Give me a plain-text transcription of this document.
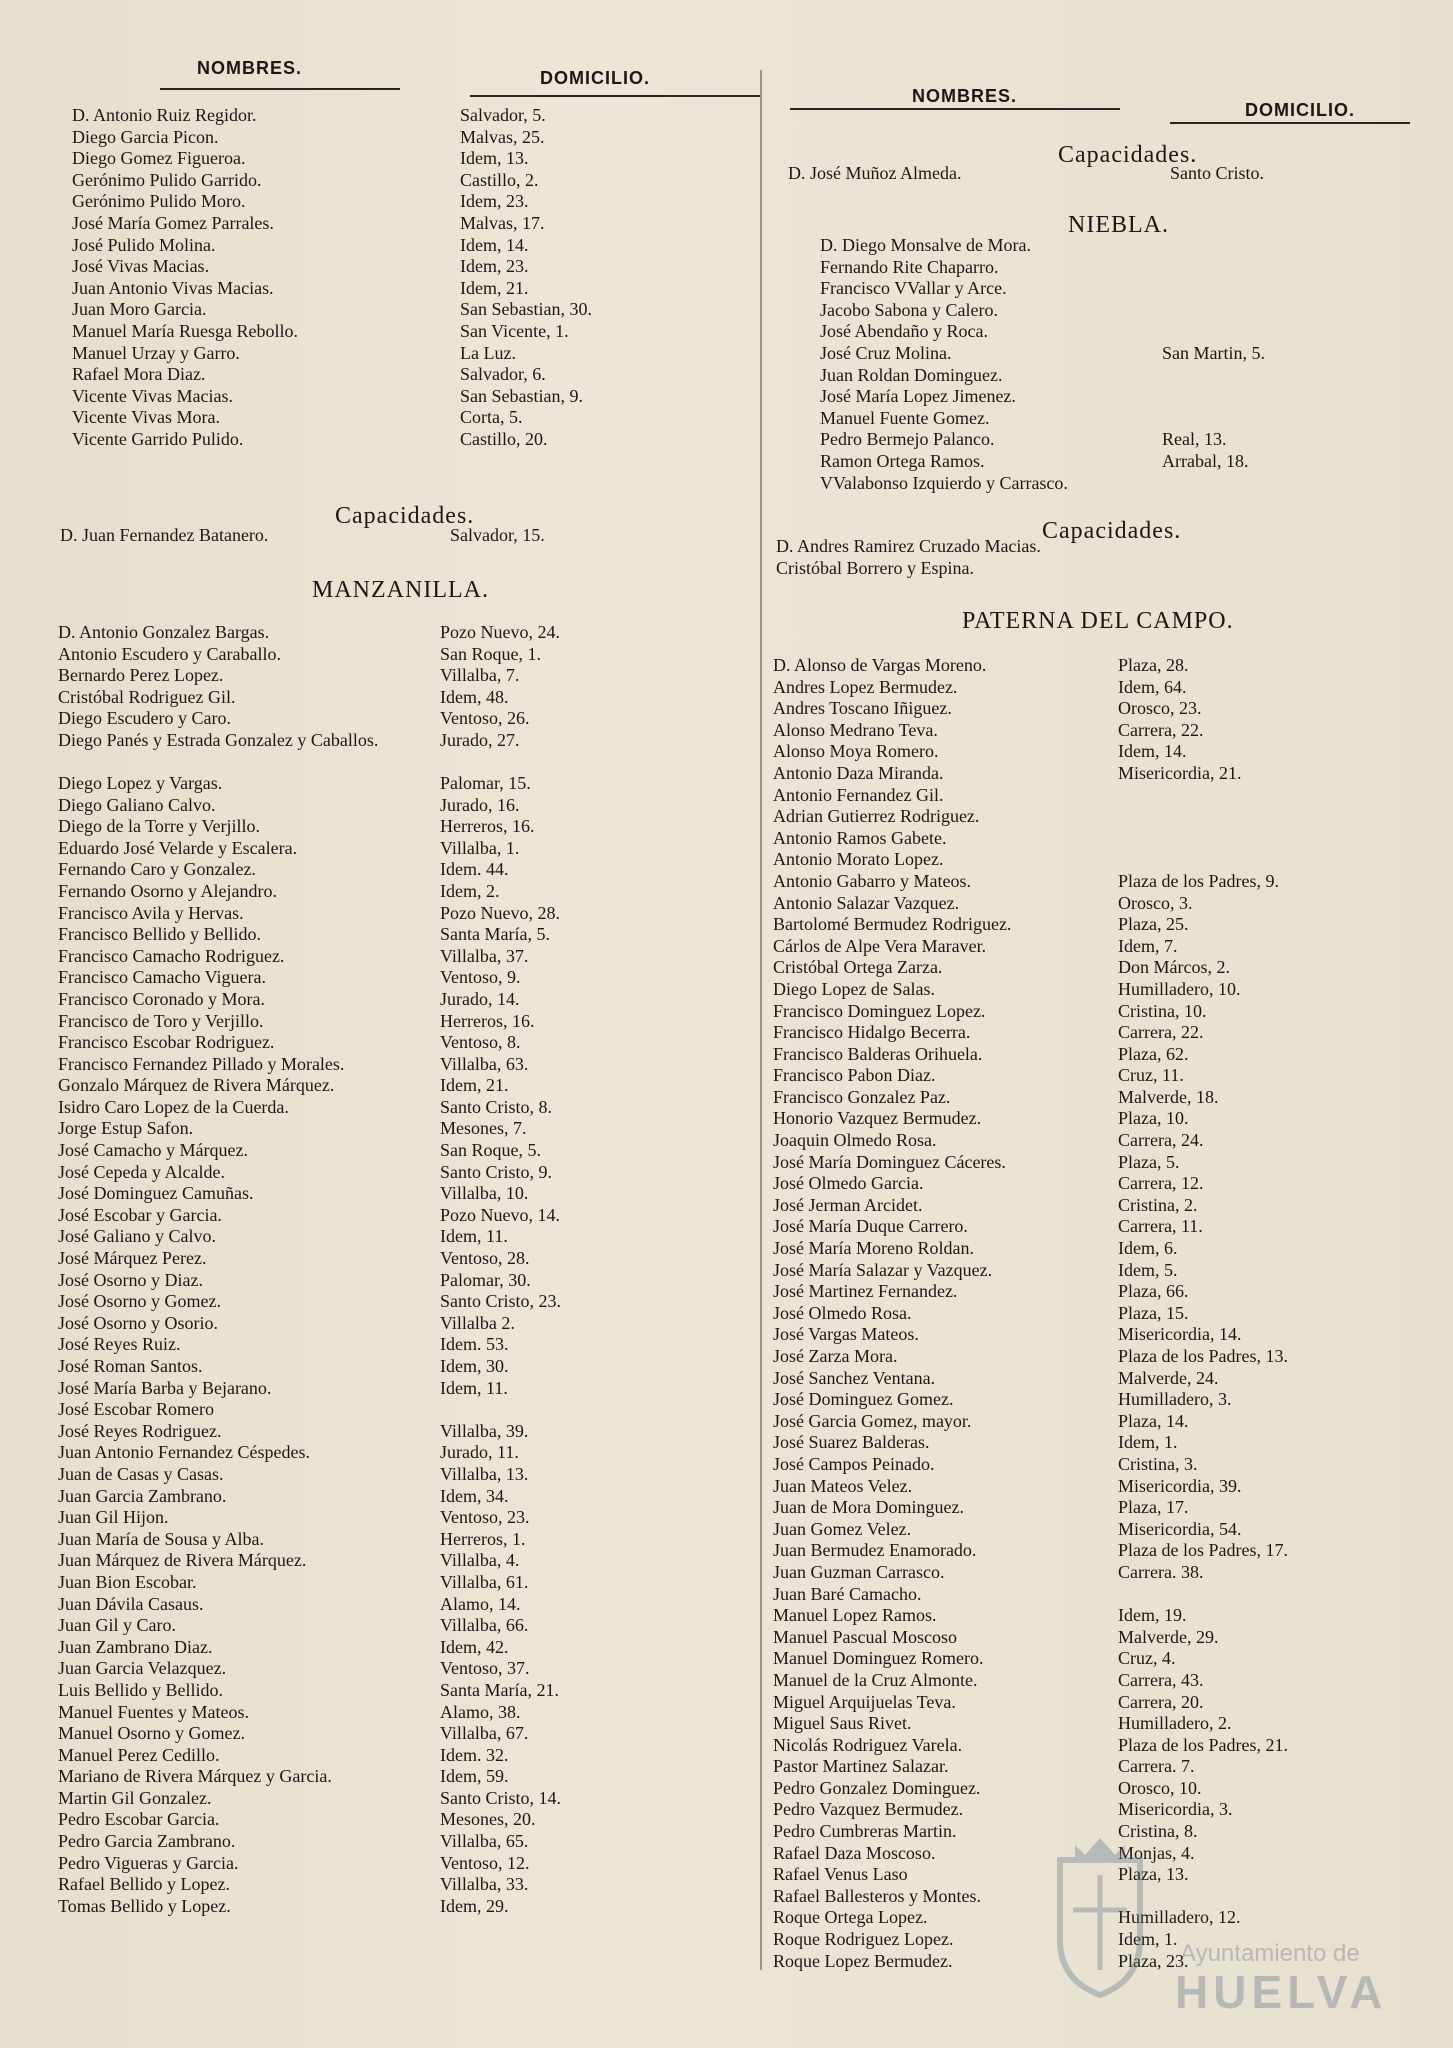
NOMBRES.	DOMICILIO.
D. Antonio Ruiz Regidor.	Salvador, 5.
Diego Garcia Picon.	Malvas, 25.
Diego Gomez Figueroa.	Idem, 13.
Gerónimo Pulido Garrido.	Castillo, 2.
Gerónimo Pulido Moro.	Idem, 23.
José María Gomez Parrales.	Malvas, 17.
José Pulido Molina.	Idem, 14.
José Vivas Macias.	Idem, 23.
Juan Antonio Vivas Macias.	Idem, 21.
Juan Moro Garcia.	San Sebastian, 30.
Manuel María Ruesga Rebollo.	San Vicente, 1.
Manuel Urzay y Garro.	La Luz.
Rafael Mora Diaz.	Salvador, 6.
Vicente Vivas Macias.	San Sebastian, 9.
Vicente Vivas Mora.	Corta, 5.
Vicente Garrido Pulido.	Castillo, 20.
Capacidades.
D. Juan Fernandez Batanero.	Salvador, 15.
MANZANILLA.
D. Antonio Gonzalez Bargas.	Pozo Nuevo, 24.
Antonio Escudero y Caraballo.	San Roque, 1.
Bernardo Perez Lopez.	Villalba, 7.
Cristóbal Rodriguez Gil.	Idem, 48.
Diego Escudero y Caro.	Ventoso, 26.
Diego Panés y Estrada Gonzalez y Caballos.	Jurado, 27.
Diego Lopez y Vargas.	Palomar, 15.
Diego Galiano Calvo.	Jurado, 16.
Diego de la Torre y Verjillo.	Herreros, 16.
Eduardo José Velarde y Escalera.	Villalba, 1.
Fernando Caro y Gonzalez.	Idem. 44.
Fernando Osorno y Alejandro.	Idem, 2.
Francisco Avila y Hervas.	Pozo Nuevo, 28.
Francisco Bellido y Bellido.	Santa María, 5.
Francisco Camacho Rodriguez.	Villalba, 37.
Francisco Camacho Viguera.	Ventoso, 9.
Francisco Coronado y Mora.	Jurado, 14.
Francisco de Toro y Verjillo.	Herreros, 16.
Francisco Escobar Rodriguez.	Ventoso, 8.
Francisco Fernandez Pillado y Morales.	Villalba, 63.
Gonzalo Márquez de Rivera Márquez.	Idem, 21.
Isidro Caro Lopez de la Cuerda.	Santo Cristo, 8.
Jorge Estup Safon.	Mesones, 7.
José Camacho y Márquez.	San Roque, 5.
José Cepeda y Alcalde.	Santo Cristo, 9.
José Dominguez Camuñas.	Villalba, 10.
José Escobar y Garcia.	Pozo Nuevo, 14.
José Galiano y Calvo.	Idem, 11.
José Márquez Perez.	Ventoso, 28.
José Osorno y Diaz.	Palomar, 30.
José Osorno y Gomez.	Santo Cristo, 23.
José Osorno y Osorio.	Villalba 2.
José Reyes Ruiz.	Idem. 53.
José Roman Santos.	Idem, 30.
José María Barba y Bejarano.	Idem, 11.
José Escobar Romero
José Reyes Rodriguez.	Villalba, 39.
Juan Antonio Fernandez Céspedes.	Jurado, 11.
Juan de Casas y Casas.	Villalba, 13.
Juan Garcia Zambrano.	Idem, 34.
Juan Gil Hijon.	Ventoso, 23.
Juan María de Sousa y Alba.	Herreros, 1.
Juan Márquez de Rivera Márquez.	Villalba, 4.
Juan Bion Escobar.	Villalba, 61.
Juan Dávila Casaus.	Alamo, 14.
Juan Gil y Caro.	Villalba, 66.
Juan Zambrano Diaz.	Idem, 42.
Juan Garcia Velazquez.	Ventoso, 37.
Luis Bellido y Bellido.	Santa María, 21.
Manuel Fuentes y Mateos.	Alamo, 38.
Manuel Osorno y Gomez.	Villalba, 67.
Manuel Perez Cedillo.	Idem. 32.
Mariano de Rivera Márquez y Garcia.	Idem, 59.
Martin Gil Gonzalez.	Santo Cristo, 14.
Pedro Escobar Garcia.	Mesones, 20.
Pedro Garcia Zambrano.	Villalba, 65.
Pedro Vigueras y Garcia.	Ventoso, 12.
Rafael Bellido y Lopez.	Villalba, 33.
Tomas Bellido y Lopez.	Idem, 29.
NOMBRES.
DOMICILIO.
Capacidades.
D. José Muñoz Almeda.	Santo Cristo.
NIEBLA.
D. Diego Monsalve de Mora.
Fernando Rite Chaparro.
Francisco VVallar y Arce.
Jacobo Sabona y Calero.
José Abendaño y Roca.
José Cruz Molina.	San Martin, 5.
Juan Roldan Dominguez.
José María Lopez Jimenez.
Manuel Fuente Gomez.
Pedro Bermejo Palanco.	Real, 13.
Ramon Ortega Ramos.	Arrabal, 18.
VValabonso Izquierdo y Carrasco.
Capacidades.
D. Andres Ramirez Cruzado Macias.
Cristóbal Borrero y Espina.
PATERNA DEL CAMPO.
D. Alonso de Vargas Moreno.	Plaza, 28.
Andres Lopez Bermudez.	Idem, 64.
Andres Toscano Iñiguez.	Orosco, 23.
Alonso Medrano Teva.	Carrera, 22.
Alonso Moya Romero.	Idem, 14.
Antonio Daza Miranda.	Misericordia, 21.
Antonio Fernandez Gil.
Adrian Gutierrez Rodriguez.
Antonio Ramos Gabete.
Antonio Morato Lopez.
Antonio Gabarro y Mateos.	Plaza de los Padres, 9.
Antonio Salazar Vazquez.	Orosco, 3.
Bartolomé Bermudez Rodriguez.	Plaza, 25.
Cárlos de Alpe Vera Maraver.	Idem, 7.
Cristóbal Ortega Zarza.	Don Márcos, 2.
Diego Lopez de Salas.	Humilladero, 10.
Francisco Dominguez Lopez.	Cristina, 10.
Francisco Hidalgo Becerra.	Carrera, 22.
Francisco Balderas Orihuela.	Plaza, 62.
Francisco Pabon Diaz.	Cruz, 11.
Francisco Gonzalez Paz.	Malverde, 18.
Honorio Vazquez Bermudez.	Plaza, 10.
Joaquin Olmedo Rosa.	Carrera, 24.
José María Dominguez Cáceres.	Plaza, 5.
José Olmedo Garcia.	Carrera, 12.
José Jerman Arcidet.	Cristina, 2.
José María Duque Carrero.	Carrera, 11.
José María Moreno Roldan.	Idem, 6.
José María Salazar y Vazquez.	Idem, 5.
José Martinez Fernandez.	Plaza, 66.
José Olmedo Rosa.	Plaza, 15.
José Vargas Mateos.	Misericordia, 14.
José Zarza Mora.	Plaza de los Padres, 13.
José Sanchez Ventana.	Malverde, 24.
José Dominguez Gomez.	Humilladero, 3.
José Garcia Gomez, mayor.	Plaza, 14.
José Suarez Balderas.	Idem, 1.
José Campos Peinado.	Cristina, 3.
Juan Mateos Velez.	Misericordia, 39.
Juan de Mora Dominguez.	Plaza, 17.
Juan Gomez Velez.	Misericordia, 54.
Juan Bermudez Enamorado.	Plaza de los Padres, 17.
Juan Guzman Carrasco.	Carrera. 38.
Juan Baré Camacho.
Manuel Lopez Ramos.	Idem, 19.
Manuel Pascual Moscoso	Malverde, 29.
Manuel Dominguez Romero.	Cruz, 4.
Manuel de la Cruz Almonte.	Carrera, 43.
Miguel Arquijuelas Teva.	Carrera, 20.
Miguel Saus Rivet.	Humilladero, 2.
Nicolás Rodriguez Varela.	Plaza de los Padres, 21.
Pastor Martinez Salazar.	Carrera. 7.
Pedro Gonzalez Dominguez.	Orosco, 10.
Pedro Vazquez Bermudez.	Misericordia, 3.
Pedro Cumbreras Martin.	Cristina, 8.
Rafael Daza Moscoso.	Monjas, 4.
Rafael Venus Laso	Plaza, 13.
Rafael Ballesteros y Montes.
Roque Ortega Lopez.	Humilladero, 12.
Roque Rodriguez Lopez.	Idem, 1.
Roque Lopez Bermudez.	Plaza, 23.
Ayuntamiento de
HUELVA
